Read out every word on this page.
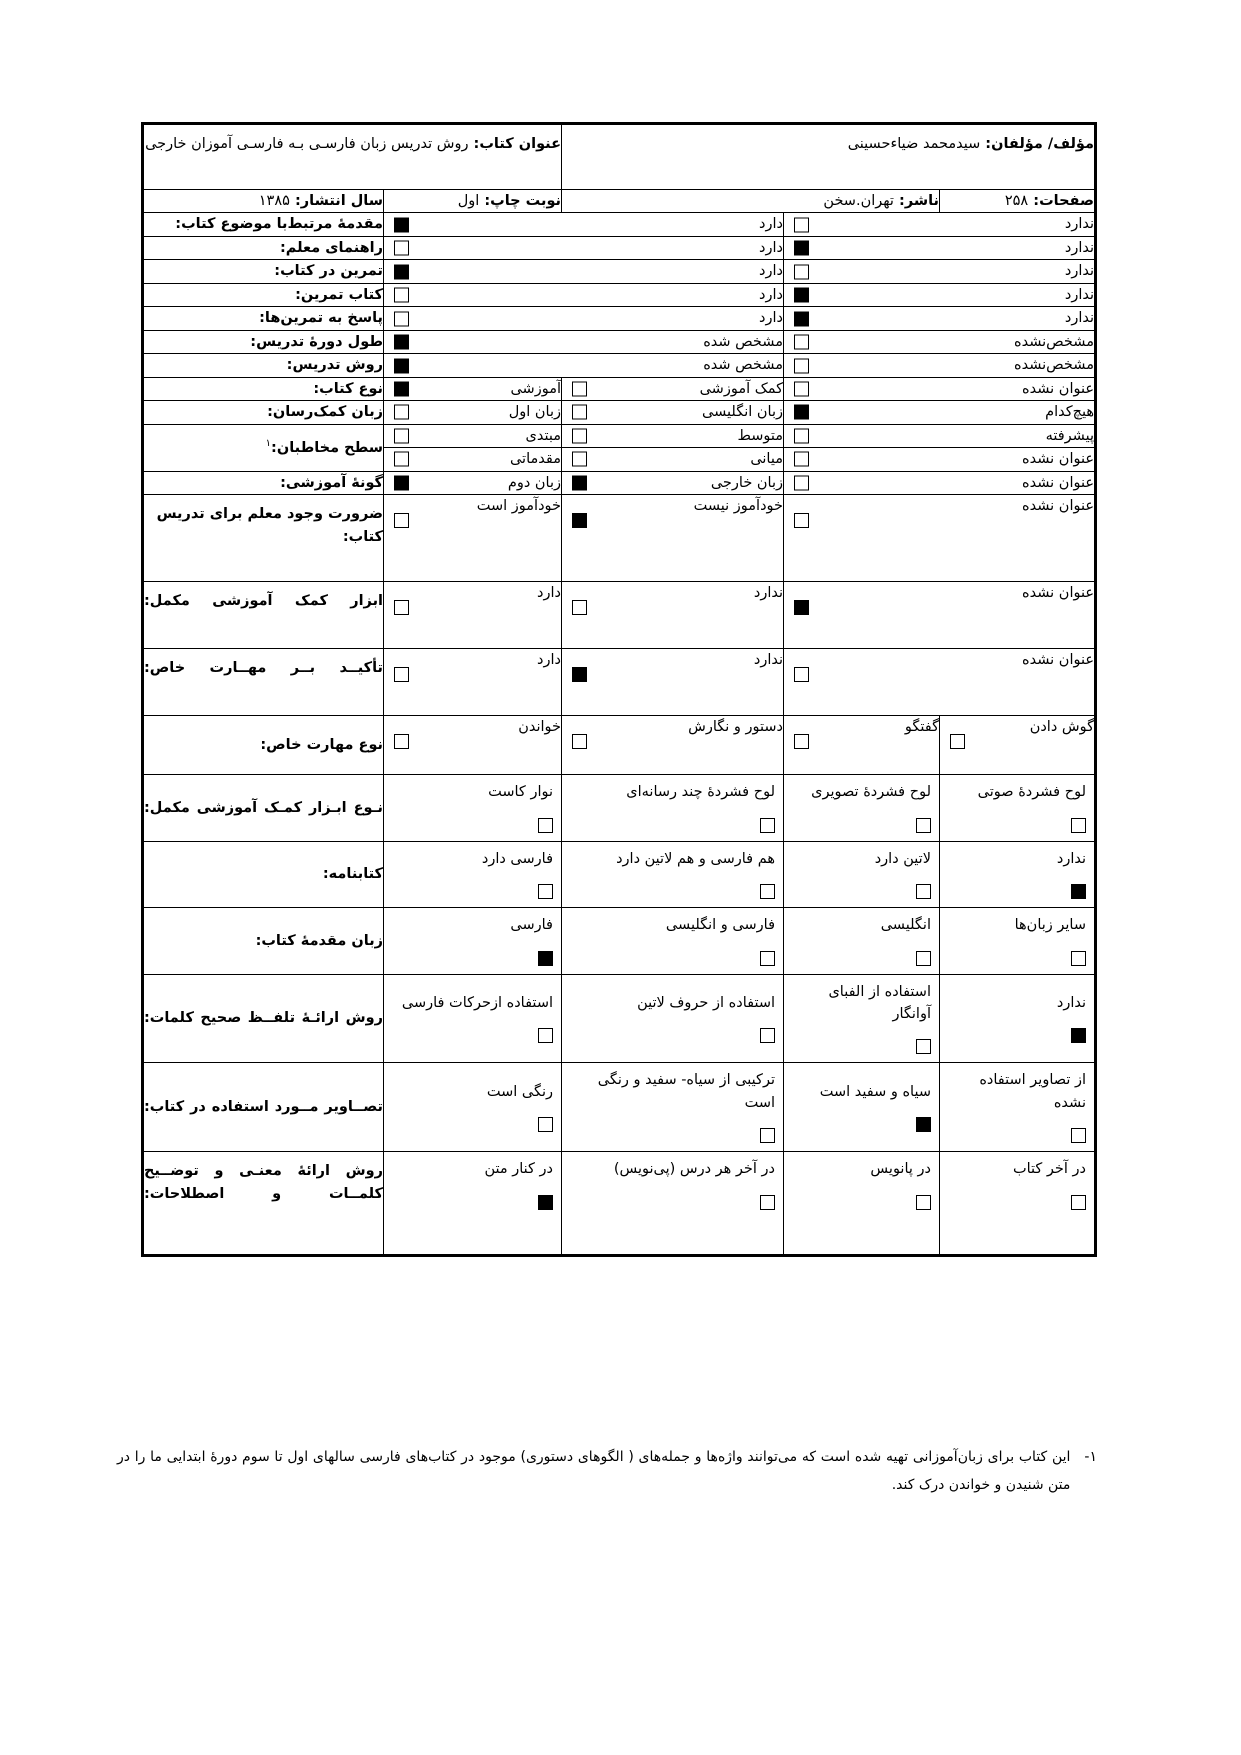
مؤلف/ مؤلفان: سیدمحمد ضیاءحسینی			عنوان کتاب: روش تدریس زبان فارسـی بـه فارسـی آموزان خارجی	
صفحات: ۲۵۸	ناشر: تهران.سخن		نوبت چاپ: اول	سال انتشار: ۱۳۸۵

ندارد		دارد		مقدمۀ مرتبط‌با موضوع کتاب:

ندارد		دارد		راهنمای معلم:

ندارد		دارد		تمرین در کتاب:

ندارد		دارد		کتاب تمرین:

ندارد		دارد		پاسخ به تمرین‌ها:

مشخص‌نشده		مشخص شده		طول دورۀ تدریس:

مشخص‌نشده		مشخص شده		روش تدریس:

عنوان نشده		کمک آموزشی	آموزشی	نوع کتاب:

هیچ‌کدام		زبان انگلیسی	زبان اول	زبان کمک‌رسان:

پیشرفته		متوسط	مبتدی	سطح مخاطبان:$^۱$

عنوان نشده		میانی	مقدماتی	

عنوان نشده		زبان خارجی	زبان دوم	گونۀ آموزشی:

عنوان نشده		خودآموز نیست	خودآموز است	ضرورت وجود معلم برای تدریس کتاب:

عنوان نشده		ندارد	دارد	ابزار کمک آموزشی مکمل:

عنوان نشده		ندارد	دارد	تأکیــد بــر مهــارت خاص:

گوش دادن	گفتگو	دستور و نگارش	خواندن	نوع مهارت خاص:

لوح فشردۀ صوتی	لوح فشردۀ تصویری	لوح فشردۀ چند رسانه‌ای	نوار کاست	نـوع ابـزار کمـک آموزشی مکمل:

ندارد	لاتین دارد	هم فارسی و هم لاتین دارد	فارسی دارد	کتابنامه:

سایر زبان‌ها	انگلیسی	فارسی و انگلیسی	فارسی	زبان مقدمۀ کتاب:

ندارد	استفاده از الفبای آوانگار	استفاده از حروف لاتین	استفاده ازحرکات فارسی	روش ارائـۀ تلفــظ صحیح کلمات:

از تصاویر استفاده نشده	سیاه و سفید است	ترکیبی از سیاه- سفید و رنگی است	رنگی است	تصــاویر مــورد استفاده در کتاب:

در آخر کتاب	در پانویس	در آخر هر درس (پی‌نویس)	در کنار متن	روش ارائۀ معنـی و توضــیح کلمــات و اصطلاحات:
۱-
این کتاب برای زبان‌آموزانی تهیه شده است که می‌توانند واژه‌ها و جمله‌های ( الگوهای دستوری) موجود در کتاب‌های فارسی سالهای اول تا سوم دورۀ ابتدایی ما را در متن شنیدن و خواندن درک کند.
